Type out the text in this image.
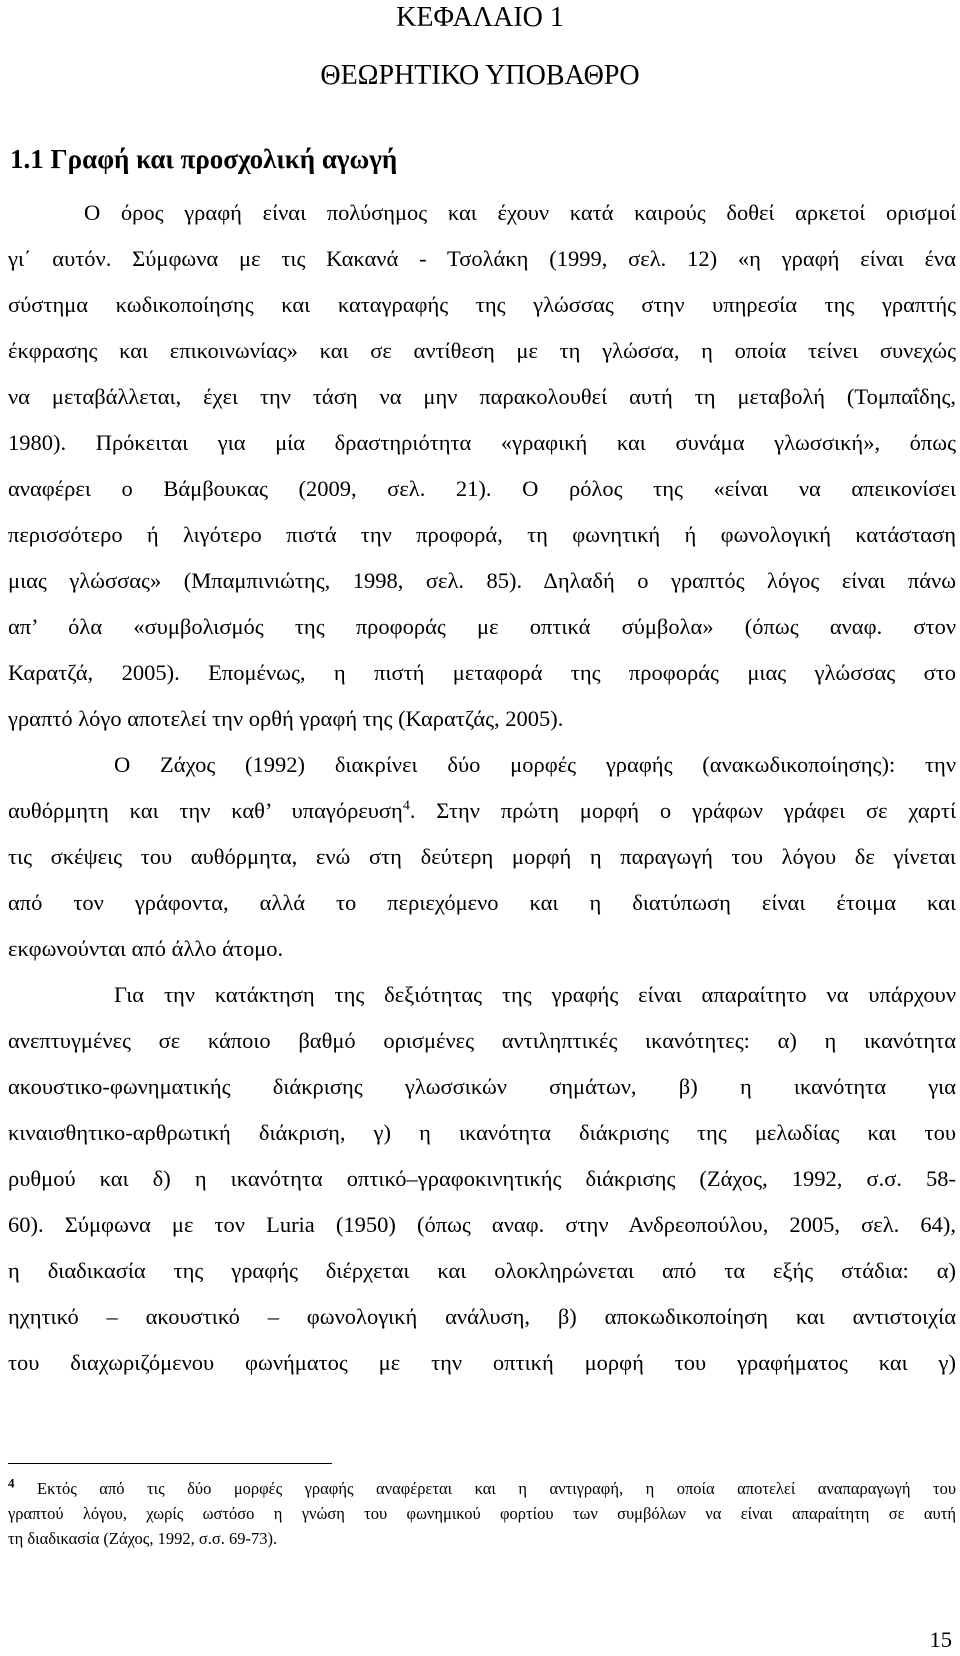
ΚΕΦΑΛΑΙΟ 1
ΘΕΩΡΗΤΙΚΟ ΥΠΟΒΑΘΡΟ
1.1 Γραφή και προσχολική αγωγή
Ο όρος γραφή είναι πολύσημος και έχουν κατά καιρούς δοθεί αρκετοί ορισμοί
γι΄ αυτόν. Σύμφωνα με τις Κακανά - Τσολάκη (1999, σελ. 12) «η γραφή είναι ένα
σύστημα κωδικοποίησης και καταγραφής της γλώσσας στην υπηρεσία της γραπτής
έκφρασης και επικοινωνίας» και σε αντίθεση με τη γλώσσα, η οποία τείνει συνεχώς
να μεταβάλλεται, έχει την τάση να μην παρακολουθεί αυτή τη μεταβολή (Τομπαΐδης,
1980). Πρόκειται για μία δραστηριότητα «γραφική και συνάμα γλωσσική», όπως
αναφέρει ο Βάμβουκας (2009, σελ. 21). Ο ρόλος της «είναι να απεικονίσει
περισσότερο ή λιγότερο πιστά την προφορά, τη φωνητική ή φωνολογική κατάσταση
μιας γλώσσας» (Μπαμπινιώτης, 1998, σελ. 85). Δηλαδή ο γραπτός λόγος είναι πάνω
απ’ όλα «συμβολισμός της προφοράς με οπτικά σύμβολα» (όπως αναφ. στον
Καρατζά, 2005). Επομένως, η πιστή μεταφορά της προφοράς μιας γλώσσας στο
γραπτό λόγο αποτελεί την ορθή γραφή της (Καρατζάς, 2005).
Ο Ζάχος (1992) διακρίνει δύο μορφές γραφής (ανακωδικοποίησης): την
αυθόρμητη και την καθ’ υπαγόρευση$^4$. Στην πρώτη μορφή ο γράφων γράφει σε χαρτί
τις σκέψεις του αυθόρμητα, ενώ στη δεύτερη μορφή η παραγωγή του λόγου δε γίνεται
από τον γράφοντα, αλλά το περιεχόμενο και η διατύπωση είναι έτοιμα και
εκφωνούνται από άλλο άτομο.
Για την κατάκτηση της δεξιότητας της γραφής είναι απαραίτητο να υπάρχουν
ανεπτυγμένες σε κάποιο βαθμό ορισμένες αντιληπτικές ικανότητες: α) η ικανότητα
ακουστικο-φωνηματικής διάκρισης γλωσσικών σημάτων, β) η ικανότητα για
κιναισθητικο-αρθρωτική διάκριση, γ) η ικανότητα διάκρισης της μελωδίας και του
ρυθμού και δ) η ικανότητα οπτικό–γραφοκινητικής διάκρισης (Ζάχος, 1992, σ.σ. 58-
60). Σύμφωνα με τον Luria (1950) (όπως αναφ. στην Ανδρεοπούλου, 2005, σελ. 64),
η διαδικασία της γραφής διέρχεται και ολοκληρώνεται από τα εξής στάδια: α)
ηχητικό – ακουστικό – φωνολογική ανάλυση, β) αποκωδικοποίηση και αντιστοιχία
του διαχωριζόμενου φωνήματος με την οπτική μορφή του γραφήματος και γ)
$^4$ Εκτός από τις δύο μορφές γραφής αναφέρεται και η αντιγραφή, η οποία αποτελεί αναπαραγωγή του
γραπτού λόγου, χωρίς ωστόσο η γνώση του φωνημικού φορτίου των συμβόλων να είναι απαραίτητη σε αυτή
τη διαδικασία (Ζάχος, 1992, σ.σ. 69-73).
15
